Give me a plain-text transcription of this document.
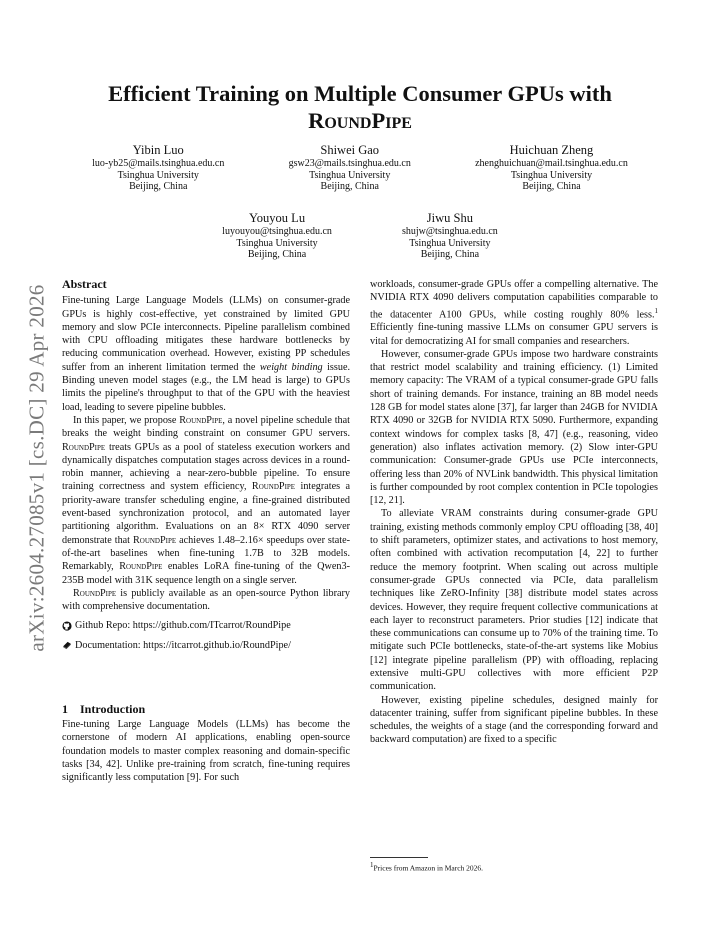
arXiv:2604.27085v1 [cs.DC] 29 Apr 2026
Efficient Training on Multiple Consumer GPUs with
RoundPipe
Yibin Luo
luo-yb25@mails.tsinghua.edu.cn
Tsinghua University
Beijing, China
Shiwei Gao
gsw23@mails.tsinghua.edu.cn
Tsinghua University
Beijing, China
Huichuan Zheng
zhenghuichuan@mail.tsinghua.edu.cn
Tsinghua University
Beijing, China
Youyou Lu
luyouyou@tsinghua.edu.cn
Tsinghua University
Beijing, China
Jiwu Shu
shujw@tsinghua.edu.cn
Tsinghua University
Beijing, China
Abstract

Fine-tuning Large Language Models (LLMs) on consumer-grade GPUs is highly cost-effective, yet constrained by limited GPU memory and slow PCIe interconnects. Pipeline parallelism combined with CPU offloading mitigates these hardware bottlenecks by reducing communication overhead. However, existing PP schedules suffer from an inherent limitation termed the weight binding issue. Binding uneven model stages (e.g., the LM head is large) to GPUs limits the pipeline's throughput to that of the GPU with the heaviest load, leading to severe pipeline bubbles.

In this paper, we propose RoundPipe, a novel pipeline schedule that breaks the weight binding constraint on consumer GPU servers. RoundPipe treats GPUs as a pool of stateless execution workers and dynamically dispatches computation stages across devices in a round-robin manner, achieving a near-zero-bubble pipeline. To ensure training correctness and system efficiency, RoundPipe integrates a priority-aware transfer scheduling engine, a fine-grained distributed event-based synchronization protocol, and an automated layer partitioning algorithm. Evaluations on an 8× RTX 4090 server demonstrate that RoundPipe achieves 1.48–2.16× speedups over state-of-the-art baselines when fine-tuning 1.7B to 32B models. Remarkably, RoundPipe enables LoRA fine-tuning of the Qwen3-235B model with 31K sequence length on a single server.

RoundPipe is publicly available as an open-source Python library with comprehensive documentation.

Github Repo: https://github.com/ITcarrot/RoundPipe
Documentation: https://itcarrot.github.io/RoundPipe/
1 Introduction
Fine-tuning Large Language Models (LLMs) has become the cornerstone of modern AI applications, enabling open-source foundation models to master complex reasoning and domain-specific tasks [34, 42]. Unlike pre-training from scratch, fine-tuning requires significantly less computation [9]. For such

workloads, consumer-grade GPUs offer a compelling alternative. The NVIDIA RTX 4090 delivers computation capabilities comparable to the datacenter A100 GPUs, while costing roughly 80% less.$^1$ Efficiently fine-tuning massive LLMs on consumer GPU servers is vital for democratizing AI for small companies and researchers.

However, consumer-grade GPUs impose two hardware constraints that restrict model scalability and training efficiency. (1) Limited memory capacity: The VRAM of a typical consumer-grade GPU falls short of training demands. For instance, training an 8B model needs 128 GB for model states alone [37], far larger than 24GB for NVIDIA RTX 4090 or 32GB for NVIDIA RTX 5090. Furthermore, expanding context windows for complex tasks [8, 47] (e.g., reasoning, video generation) also inflates activation memory. (2) Slow inter-GPU communication: Consumer-grade GPUs use PCIe interconnects, offering less than 20% of NVLink bandwidth. This physical limitation is further compounded by root complex contention in PCIe topologies [12, 21].

To alleviate VRAM constraints during consumer-grade GPU training, existing methods commonly employ CPU offloading [38, 40] to shift parameters, optimizer states, and activations to host memory, often combined with activation recomputation [4, 22] to further reduce the memory footprint. When scaling out across multiple consumer-grade GPUs connected via PCIe, data parallelism techniques like ZeRO-Infinity [38] distribute model states across devices. However, they require frequent collective communications at each layer to reconstruct parameters. Prior studies [12] indicate that these communications can consume up to 70% of the training time. To mitigate such PCIe bottlenecks, state-of-the-art systems like Mobius [12] integrate pipeline parallelism (PP) with offloading, replacing extensive multi-GPU collectives with more efficient P2P communication.

However, existing pipeline schedules, designed mainly for datacenter training, suffer from significant pipeline bubbles. In these schedules, the weights of a stage (and the corresponding forward and backward computation) are fixed to a specific

$^1$Prices from Amazon in March 2026.
